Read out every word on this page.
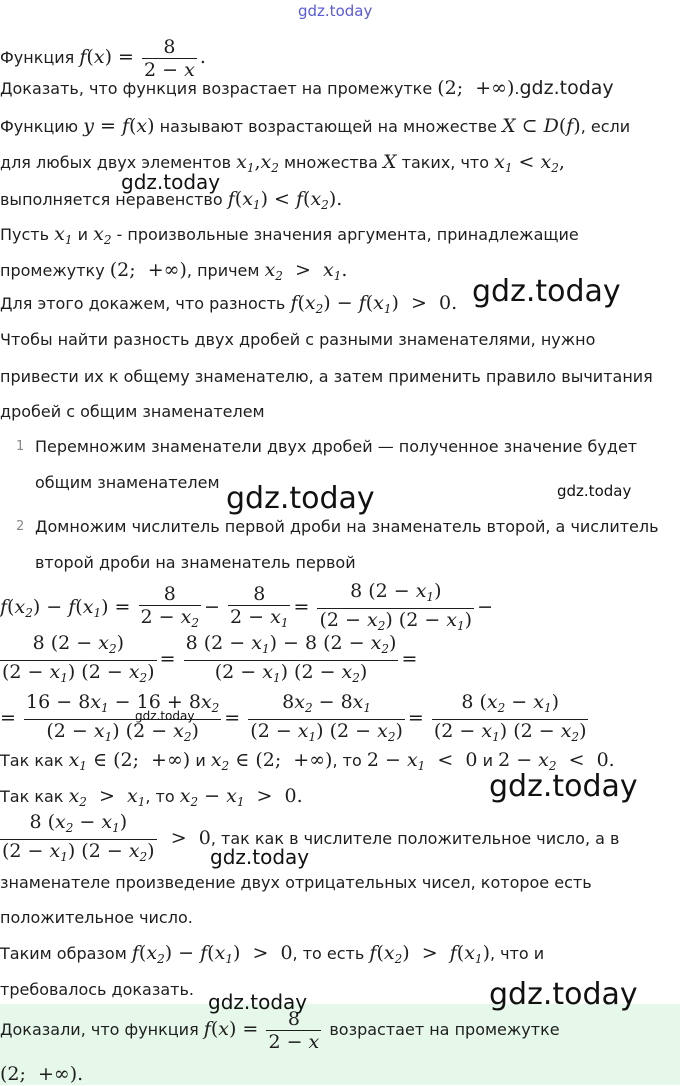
gdz.today
gdz.today
gdz.today
gdz.today	gdz.today
gdz.today
gdz.today
gdz.today
gdz.today	gdz.today
Функция $f(x) = \frac{8}{2 - x}$ .
Доказать, что функция возрастает на промежутке (2;  +∞).gdz.today
Функцию y = f(x) называют возрастающей на множестве X ⊂ D(f), если
для любых двух элементов $x_1,x_2$ множества X таких, что $x_1 < x_2$,
выполняется неравенство $f(x_1) < f(x_2)$.
Пусть $x_1$ и $x_2$ - произвольные значения аргумента, принадлежащие
промежутку (2;  +∞), причем $x_2 > x_1$.
Для этого докажем, что разность $f(x_2) - f(x_1) > 0$.
Чтобы найти разность двух дробей с разными знаменателями, нужно
привести их к общему знаменателю, а затем применить правило вычитания
дробей с общим знаменателем
1 Перемножим знаменатели двух дробей — полученное значение будет
общим знаменателем
2 Домножим числитель первой дроби на знаменатель второй, а числитель
второй дроби на знаменатель первой
$f(x_2) - f(x_1) = \frac{8}{2 - x_2} - \frac{8}{2 - x_1} = \frac{8 (2 - x_1)}{(2 - x_2) (2 - x_1)}$ −
$\frac{8 (2 - x_2)}{(2 - x_1) (2 - x_2)} = \frac{8 (2 - x_1) - 8 (2 - x_2)}{(2 - x_1) (2 - x_2)}$ =
= $\frac{16 - 8x_1 - 16 + 8x_2}{(2 - x_1) (2 - x_2)} = \frac{8x_2 - 8x_1}{(2 - x_1) (2 - x_2)} = \frac{8 (x_2 - x_1)}{(2 - x_1) (2 - x_2)}$
Так как $x_1$ ∈ (2;  +∞) и $x_2$ ∈ (2;  +∞), то $2 - x_1 < 0$ и $2 - x_2 < 0$.
Так как $x_2 > x_1$, то $x_2 - x_1 > 0$.
$\frac{8 (x_2 - x_1)}{(2 - x_1) (2 - x_2)} > 0$, так как в числителе положительное число, а в
знаменателе произведение двух отрицательных чисел, которое есть
положительное число.
Таким образом $f(x_2) - f(x_1) > 0$, то есть $f(x_2) > f(x_1)$, что и
требовалось доказать.
Доказали, что функция $f(x) = \frac{8}{2 - x}$ возрастает на промежутке
(2;  +∞).
